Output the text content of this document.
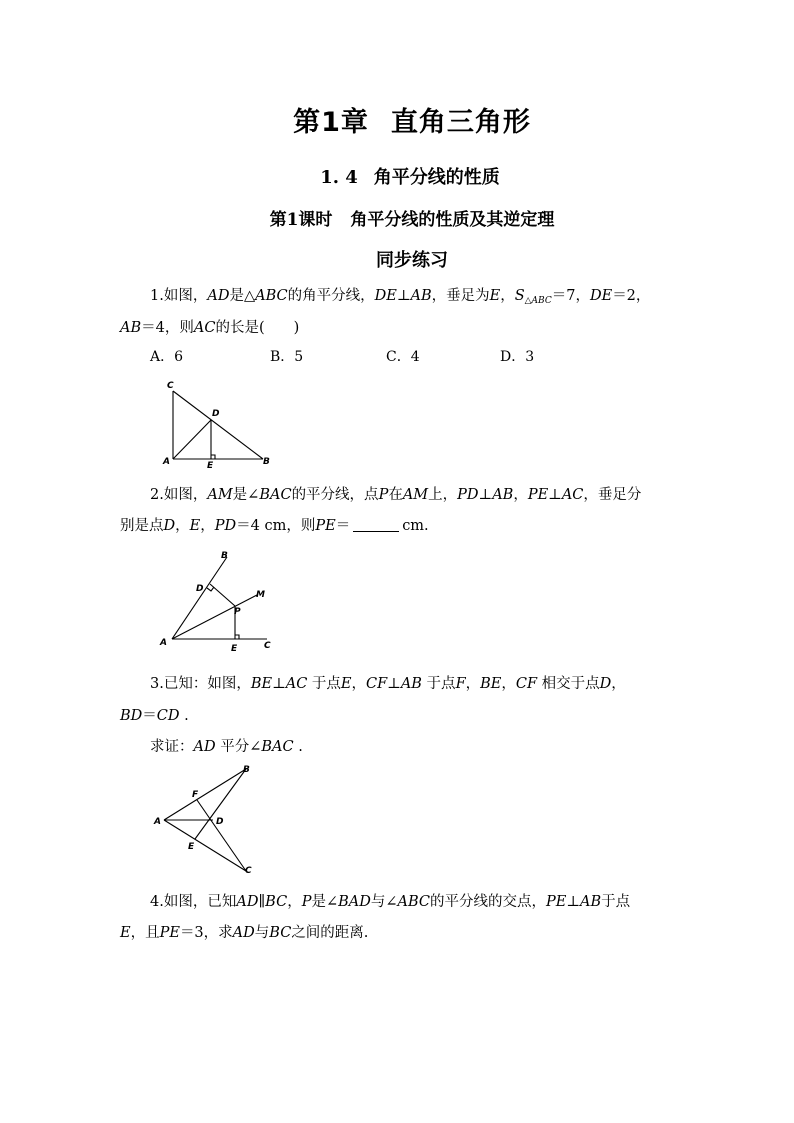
第1章 直角三角形
1. 4 角平分线的性质
第1课时 角平分线的性质及其逆定理
同步练习
1.如图，AD是△ABC的角平分线，DE⊥AB，垂足为E，$S_{\triangle ABC}=7$，DE＝2，
AB＝4，则AC的长是(　　)
A．6	B．5	C．4	D．3
C
D
A	E	B
2.如图，AM是∠BAC的平分线，点P在AM上，PD⊥AB，PE⊥AC，垂足分
别是点D，E，PD＝4 cm，则PE＝	cm.
B
D
M
P
A
E	C
3.已知：如图，BE⊥AC 于点E，CF⊥AB 于点F，BE，CF 相交于点D，
BD＝CD .
求证：AD 平分∠BAC .
B
F
A	D
E
C
4.如图，已知AD∥BC，P是∠BAD与∠ABC的平分线的交点，PE⊥AB于点
E，且PE＝3，求AD与BC之间的距离.
